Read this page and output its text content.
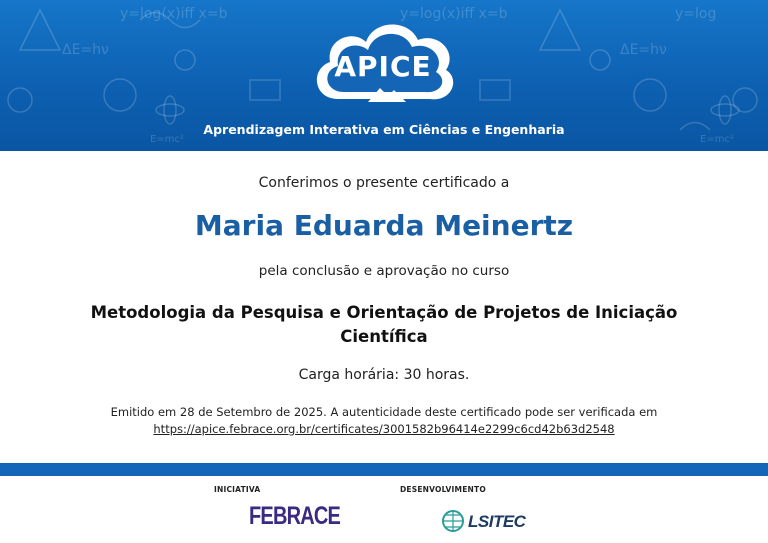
y=log(x)iff x=b	y=log(x)iff x=b	y=log
ΔE=hν	ΔE=hν
E=mc²
E=mc²
APICE
Aprendizagem Interativa em Ciências e Engenharia
Conferimos o presente certificado a
Maria Eduarda Meinertz
pela conclusão e aprovação no curso
Metodologia da Pesquisa e Orientação de Projetos de Iniciação Científica
Carga horária: 30 horas.
Emitido em 28 de Setembro de 2025. A autenticidade deste certificado pode ser verificada em
https://apice.febrace.org.br/certificates/3001582b96414e2299c6cd42b63d2548
INICIATIVA
FEBRACE
DESENVOLVIMENTO
LSITEC
